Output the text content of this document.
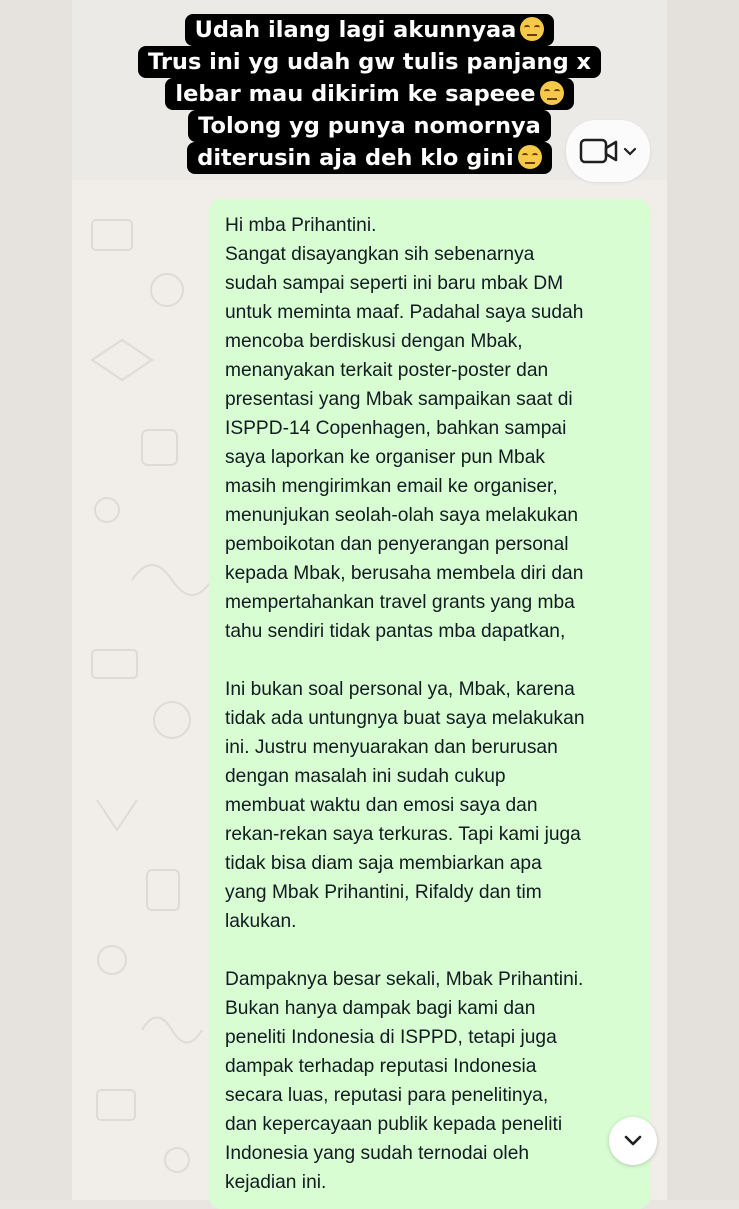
Hi mba Prihantini.
Sangat disayangkan sih sebenarnya
sudah sampai seperti ini baru mbak DM
untuk meminta maaf. Padahal saya sudah
mencoba berdiskusi dengan Mbak,
menanyakan terkait poster-poster dan
presentasi yang Mbak sampaikan saat di
ISPPD-14 Copenhagen, bahkan sampai
saya laporkan ke organiser pun Mbak
masih mengirimkan email ke organiser,
menunjukan seolah-olah saya melakukan
pemboikotan dan penyerangan personal
kepada Mbak, berusaha membela diri dan
mempertahankan travel grants yang mba
tahu sendiri tidak pantas mba dapatkan,

Ini bukan soal personal ya, Mbak, karena
tidak ada untungnya buat saya melakukan
ini. Justru menyuarakan dan berurusan
dengan masalah ini sudah cukup
membuat waktu dan emosi saya dan
rekan-rekan saya terkuras. Tapi kami juga
tidak bisa diam saja membiarkan apa
yang Mbak Prihantini, Rifaldy dan tim
lakukan.

Dampaknya besar sekali, Mbak Prihantini.
Bukan hanya dampak bagi kami dan
peneliti Indonesia di ISPPD, tetapi juga
dampak terhadap reputasi Indonesia
secara luas, reputasi para penelitinya,
dan kepercayaan publik kepada peneliti
Indonesia yang sudah ternodai oleh
kejadian ini.

Udah ilang lagi akunnyaa
Trus ini yg udah gw tulis panjang x
lebar mau dikirim ke sapeee
Tolong yg punya nomornya
diterusin aja deh klo gini
